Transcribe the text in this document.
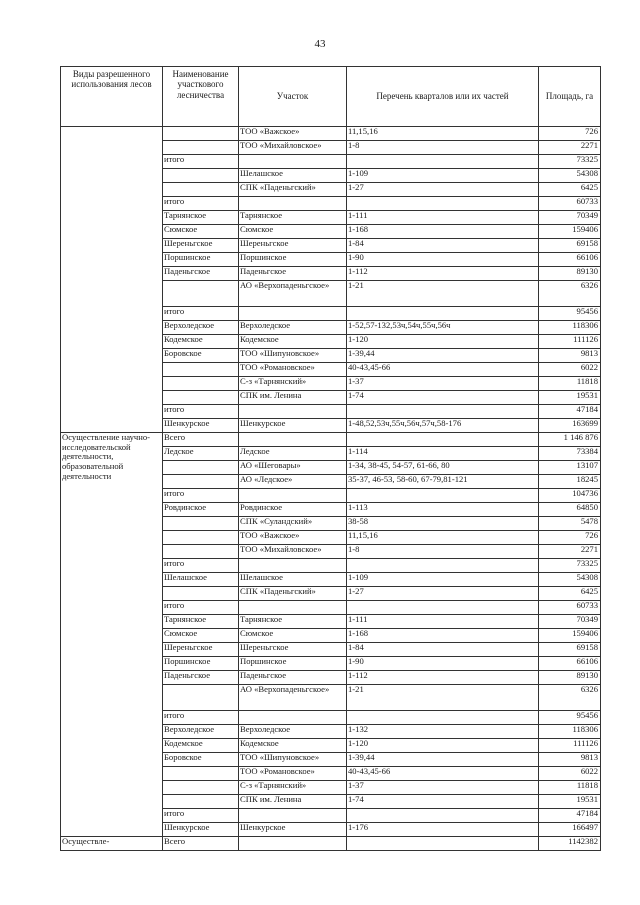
43
Виды разрешенного использования лесов	Наименование участкового лесничества	Участок	Перечень кварталов или их частей	Площадь, га
		ТОО «Важское»	11,15,16	726
		ТОО «Михайловское»	1-8	2271
	итого			73325
		Шелашское	1-109	54308
		СПК «Паденьгский»	1-27	6425
	итого			60733
	Тарнянское	Тарнянское	1-111	70349
	Сюмское	Сюмское	1-168	159406
	Шереньгское	Шереньгское	1-84	69158
	Поршинское	Поршинское	1-90	66106
	Паденьгское	Паденьгское	1-112	89130
		АО «Верхопаденьгское»	1-21	6326
	итого			95456
	Верхоледское	Верхоледское	1-52,57-132,53ч,54ч,55ч,56ч	118306
	Кодемское	Кодемское	1-120	111126
	Боровское	ТОО «Шипуновское»	1-39,44	9813
		ТОО «Романовское»	40-43,45-66	6022
		С-з «Тарнянский»	1-37	11818
		СПК им. Ленина	1-74	19531
	итого			47184
	Шенкурское	Шенкурское	1-48,52,53ч,55ч,56ч,57ч,58-176	163699
Осуществление научно-исследовательской деятельности, образовательной деятельности	Всего			1 146 876
	Ледское	Ледское	1-114	73384
		АО «Шеговары»	1-34, 38-45, 54-57, 61-66, 80	13107
		АО «Ледское»	35-37, 46-53, 58-60, 67-79,81-121	18245
	итого			104736
	Ровдинское	Ровдинское	1-113	64850
		СПК «Суландский»	38-58	5478
		ТОО «Важское»	11,15,16	726
		ТОО «Михайловское»	1-8	2271
	итого			73325
	Шелашское	Шелашское	1-109	54308
		СПК «Паденьгский»	1-27	6425
	итого			60733
	Тарнянское	Тарнянское	1-111	70349
	Сюмское	Сюмское	1-168	159406
	Шереньгское	Шереньгское	1-84	69158
	Поршинское	Поршинское	1-90	66106
	Паденьгское	Паденьгское	1-112	89130
		АО «Верхопаденьгское»	1-21	6326
	итого			95456
	Верхоледское	Верхоледское	1-132	118306
	Кодемское	Кодемское	1-120	111126
	Боровское	ТОО «Шипуновское»	1-39,44	9813
		ТОО «Романовское»	40-43,45-66	6022
		С-з «Тарнянский»	1-37	11818
		СПК им. Ленина	1-74	19531
	итого			47184
	Шенкурское	Шенкурское	1-176	166497
Осуществле-	Всего			1142382
